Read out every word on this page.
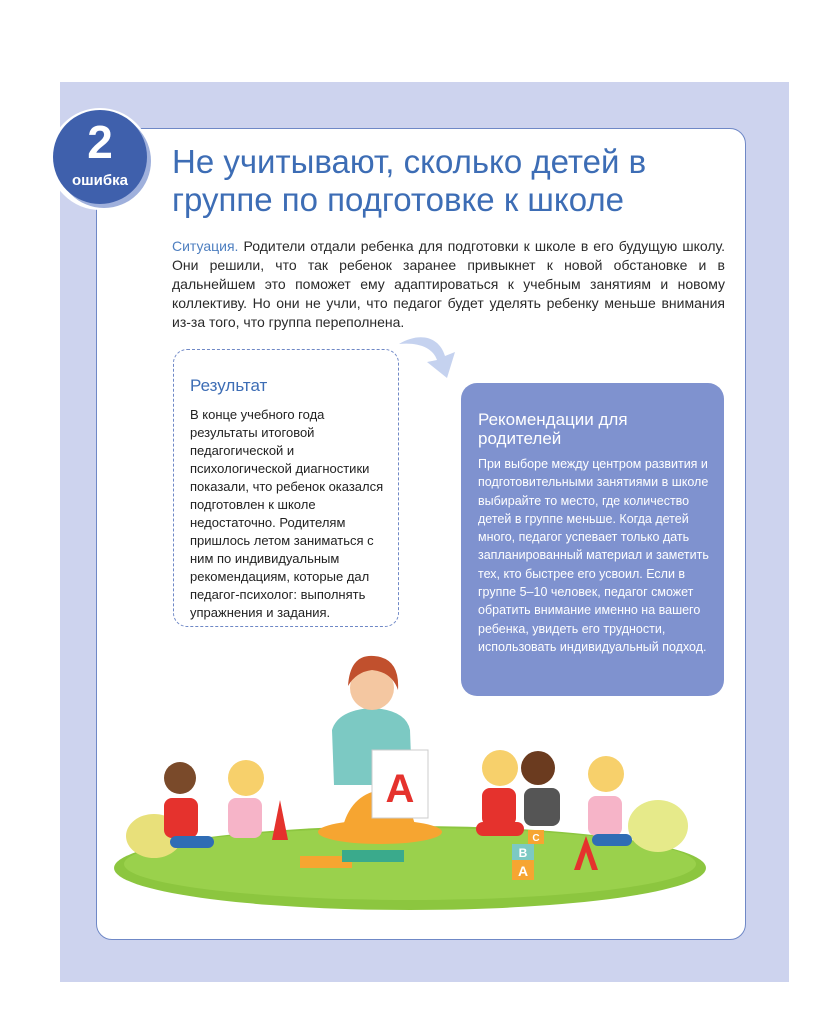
2
ошибка
Не учитывают, сколько детей в группе по подготовке к школе

Ситуация. Родители отдали ребенка для подготовки к школе в его будущую школу. Они решили, что так ребенок заранее привыкнет к новой обстановке и в дальнейшем это поможет ему адаптироваться к учебным занятиям и новому коллективу. Но они не учли, что педагог будет уделять ребенку меньше внимания из-за того, что группа переполнена.

Результат

В конце учебного года результаты итоговой педагогической и психологической диагностики показали, что ребенок оказался подготовлен к школе недостаточно. Родителям пришлось летом заниматься с ним по индивидуальным рекомендациям, которые дал педагог-психолог: выполнять упражнения и задания.

Рекомендации для родителей

При выборе между центром развития и подготовительными занятиями в школе выбирайте то место, где количество детей в группе меньше. Когда детей много, педагог успевает только дать запланированный материал и заметить тех, кто быстрее его усвоил. Если в группе 5–10 человек, педагог сможет обратить внимание именно на вашего ребенка, увидеть его трудности, использовать индивидуальный подход.

А
A
B
C
